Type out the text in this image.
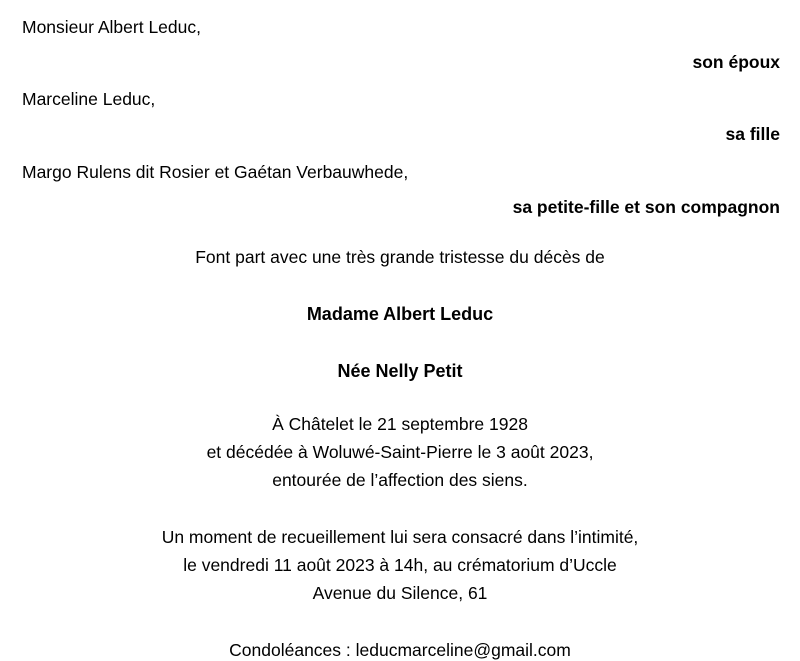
Monsieur Albert Leduc,
son époux
Marceline Leduc,
sa fille
Margo Rulens dit Rosier et Gaétan Verbauwhede,
sa petite-fille et son compagnon
Font part avec une très grande tristesse du décès de
Madame Albert Leduc
Née Nelly Petit
À Châtelet le 21 septembre 1928
et décédée à Woluwé-Saint-Pierre le 3 août 2023,
entourée de l’affection des siens.
Un moment de recueillement lui sera consacré dans l’intimité,
le vendredi 11 août 2023 à 14h, au crématorium d’Uccle
Avenue du Silence, 61
Condoléances : leducmarceline@gmail.com
